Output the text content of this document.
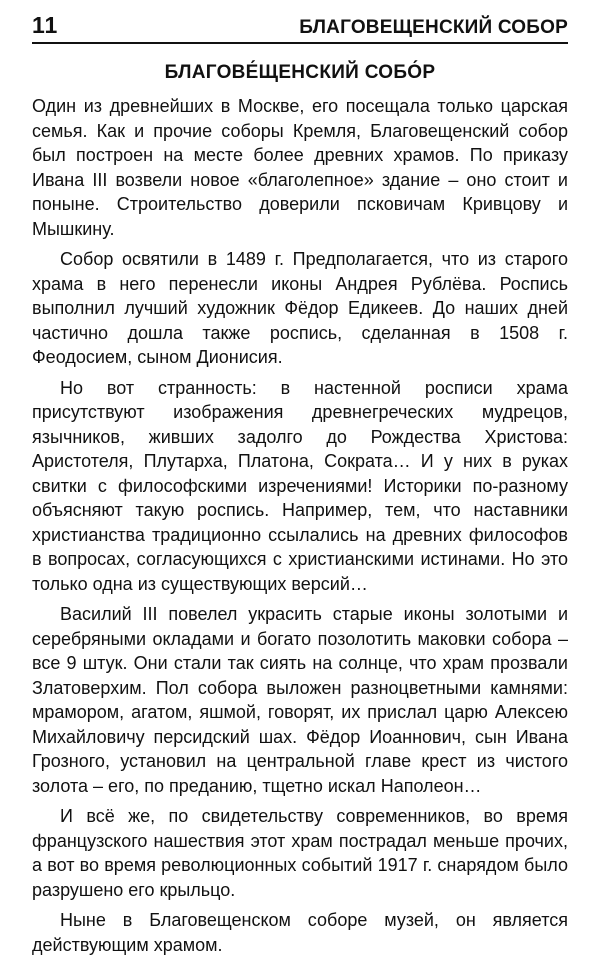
11	БЛАГОВЕЩЕНСКИЙ СОБОР
БЛАГОВЕ́ЩЕНСКИЙ СОБО́Р

Один из древнейших в Москве, его посещала только царская семья. Как и прочие соборы Кремля, Благовещенский собор был построен на месте более древних храмов. По приказу Ивана III возвели новое «благолепное» здание – оно стоит и поныне. Строительство доверили псковичам Кривцову и Мышкину.

Собор освятили в 1489 г. Предполагается, что из старого храма в него перенесли иконы Андрея Рублёва. Роспись выполнил лучший художник Фёдор Едикеев. До наших дней частично дошла также роспись, сделанная в 1508 г. Феодосием, сыном Дионисия.

Но вот странность: в настенной росписи храма присутствуют изображения древнегреческих мудрецов, язычников, живших задолго до Рождества Христова: Аристотеля, Плутарха, Платона, Сократа… И у них в руках свитки с философскими изречениями! Историки по-разному объясняют такую роспись. Например, тем, что наставники христианства традиционно ссылались на древних философов в вопросах, согласующихся с христианскими истинами. Но это только одна из существующих версий…

Василий III повелел украсить старые иконы золотыми и серебряными окладами и богато позолотить маковки собора – все 9 штук. Они стали так сиять на солнце, что храм прозвали Златоверхим. Пол собора выложен разноцветными камнями: мрамором, агатом, яшмой, говорят, их прислал царю Алексею Михайловичу персидский шах. Фёдор Иоаннович, сын Ивана Грозного, установил на центральной главе крест из чистого золота – его, по преданию, тщетно искал Наполеон…

И всё же, по свидетельству современников, во время французского нашествия этот храм пострадал меньше прочих, а вот во время революционных событий 1917 г. снарядом было разрушено его крыльцо.

Ныне в Благовещенском соборе музей, он является действующим храмом.
